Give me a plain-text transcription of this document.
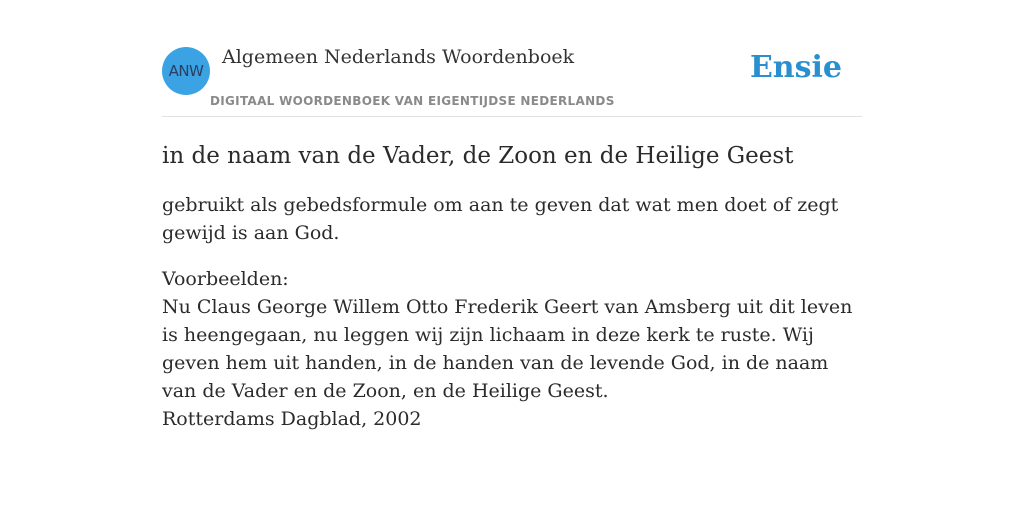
ANW
Algemeen Nederlands Woordenboek
DIGITAAL WOORDENBOEK VAN EIGENTIJDSE NEDERLANDS
Ensie
in de naam van de Vader, de Zoon en de Heilige Geest
gebruikt als gebedsformule om aan te geven dat wat men doet of zegt gewijd is aan God.
Voorbeelden:
Nu Claus George Willem Otto Frederik Geert van Amsberg uit dit leven is heengegaan, nu leggen wij zijn lichaam in deze kerk te ruste. Wij geven hem uit handen, in de handen van de levende God, in de naam van de Vader en de Zoon, en de Heilige Geest.
Rotterdams Dagblad, 2002
